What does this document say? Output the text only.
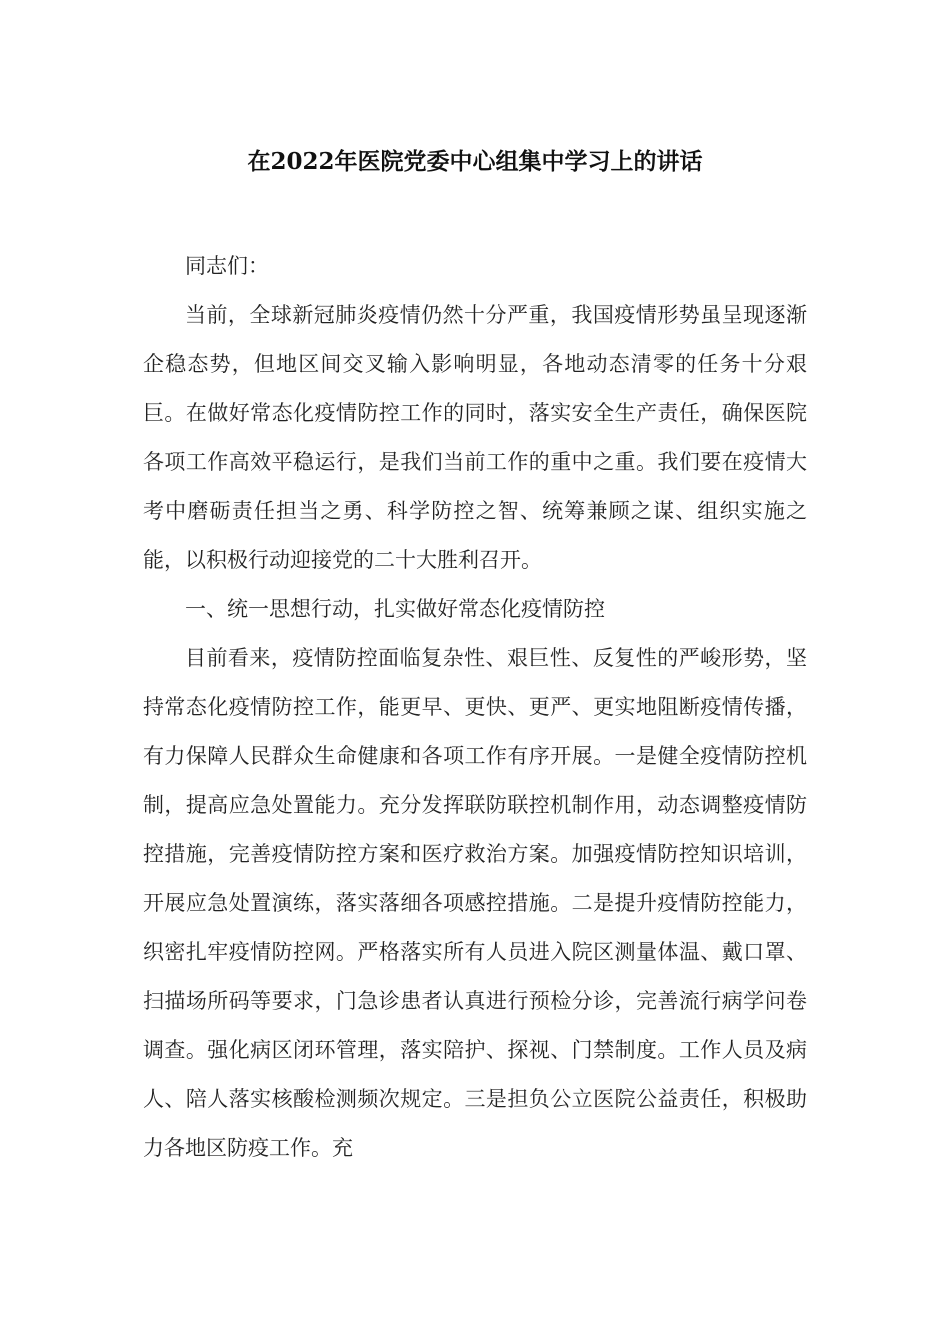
在2022年医院党委中心组集中学习上的讲话

同志们：

当前，全球新冠肺炎疫情仍然十分严重，我国疫情形势虽呈现逐渐企稳态势，但地区间交叉输入影响明显，各地动态清零的任务十分艰巨。在做好常态化疫情防控工作的同时，落实安全生产责任，确保医院各项工作高效平稳运行，是我们当前工作的重中之重。我们要在疫情大考中磨砺责任担当之勇、科学防控之智、统筹兼顾之谋、组织实施之能，以积极行动迎接党的二十大胜利召开。

一、统一思想行动，扎实做好常态化疫情防控

目前看来，疫情防控面临复杂性、艰巨性、反复性的严峻形势，坚持常态化疫情防控工作，能更早、更快、更严、更实地阻断疫情传播，有力保障人民群众生命健康和各项工作有序开展。一是健全疫情防控机制，提高应急处置能力。充分发挥联防联控机制作用，动态调整疫情防控措施，完善疫情防控方案和医疗救治方案。加强疫情防控知识培训，开展应急处置演练，落实落细各项感控措施。二是提升疫情防控能力，织密扎牢疫情防控网。严格落实所有人员进入院区测量体温、戴口罩、扫描场所码等要求，门急诊患者认真进行预检分诊，完善流行病学问卷调查。强化病区闭环管理，落实陪护、探视、门禁制度。工作人员及病人、陪人落实核酸检测频次规定。三是担负公立医院公益责任，积极助力各地区防疫工作。充
